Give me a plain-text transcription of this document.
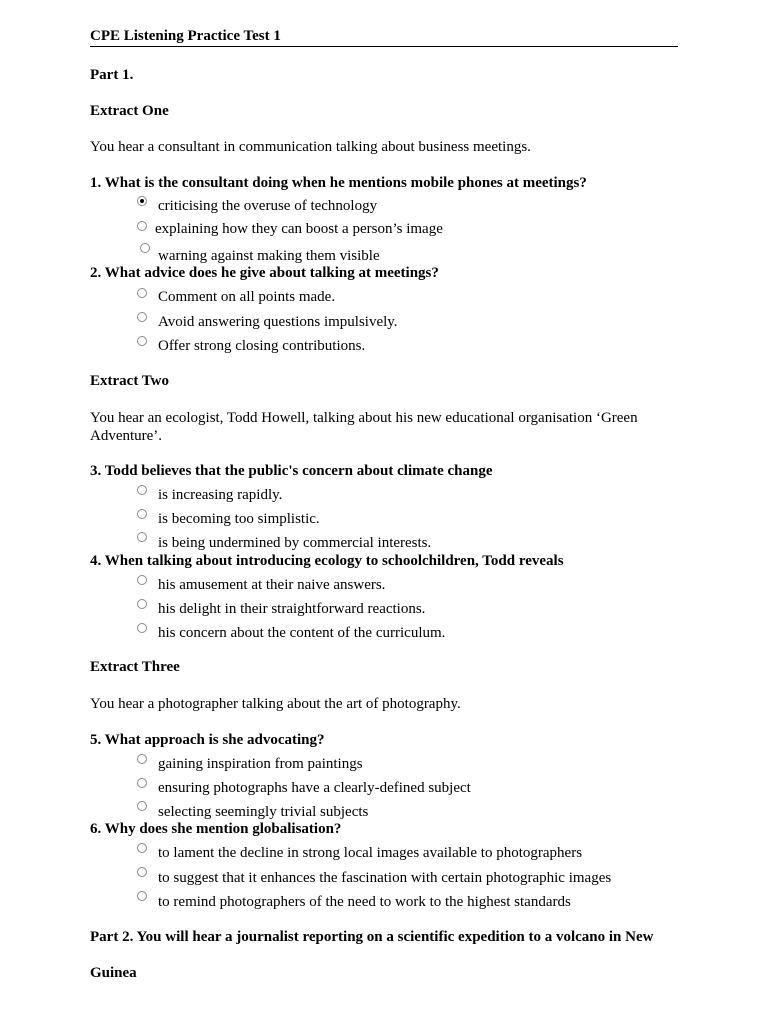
CPE Listening Practice Test 1
Part 1.
Extract One
You hear a consultant in communication talking about business meetings.
1. What is the consultant doing when he mentions mobile phones at meetings?
criticising the overuse of technology
explaining how they can boost a person’s image
warning against making them visible
2. What advice does he give about talking at meetings?
Comment on all points made.
Avoid answering questions impulsively.
Offer strong closing contributions.
Extract Two
You hear an ecologist, Todd Howell, talking about his new educational organisation ‘Green Adventure’.
3. Todd believes that the public's concern about climate change
is increasing rapidly.
is becoming too simplistic.
is being undermined by commercial interests.
4. When talking about introducing ecology to schoolchildren, Todd reveals
his amusement at their naive answers.
his delight in their straightforward reactions.
his concern about the content of the curriculum.
Extract Three
You hear a photographer talking about the art of photography.
5. What approach is she advocating?
gaining inspiration from paintings
ensuring photographs have a clearly-defined subject
selecting seemingly trivial subjects
6. Why does she mention globalisation?
to lament the decline in strong local images available to photographers
to suggest that it enhances the fascination with certain photographic images
to remind photographers of the need to work to the highest standards
Part 2. You will hear a journalist reporting on a scientific expedition to a volcano in New
Guinea
